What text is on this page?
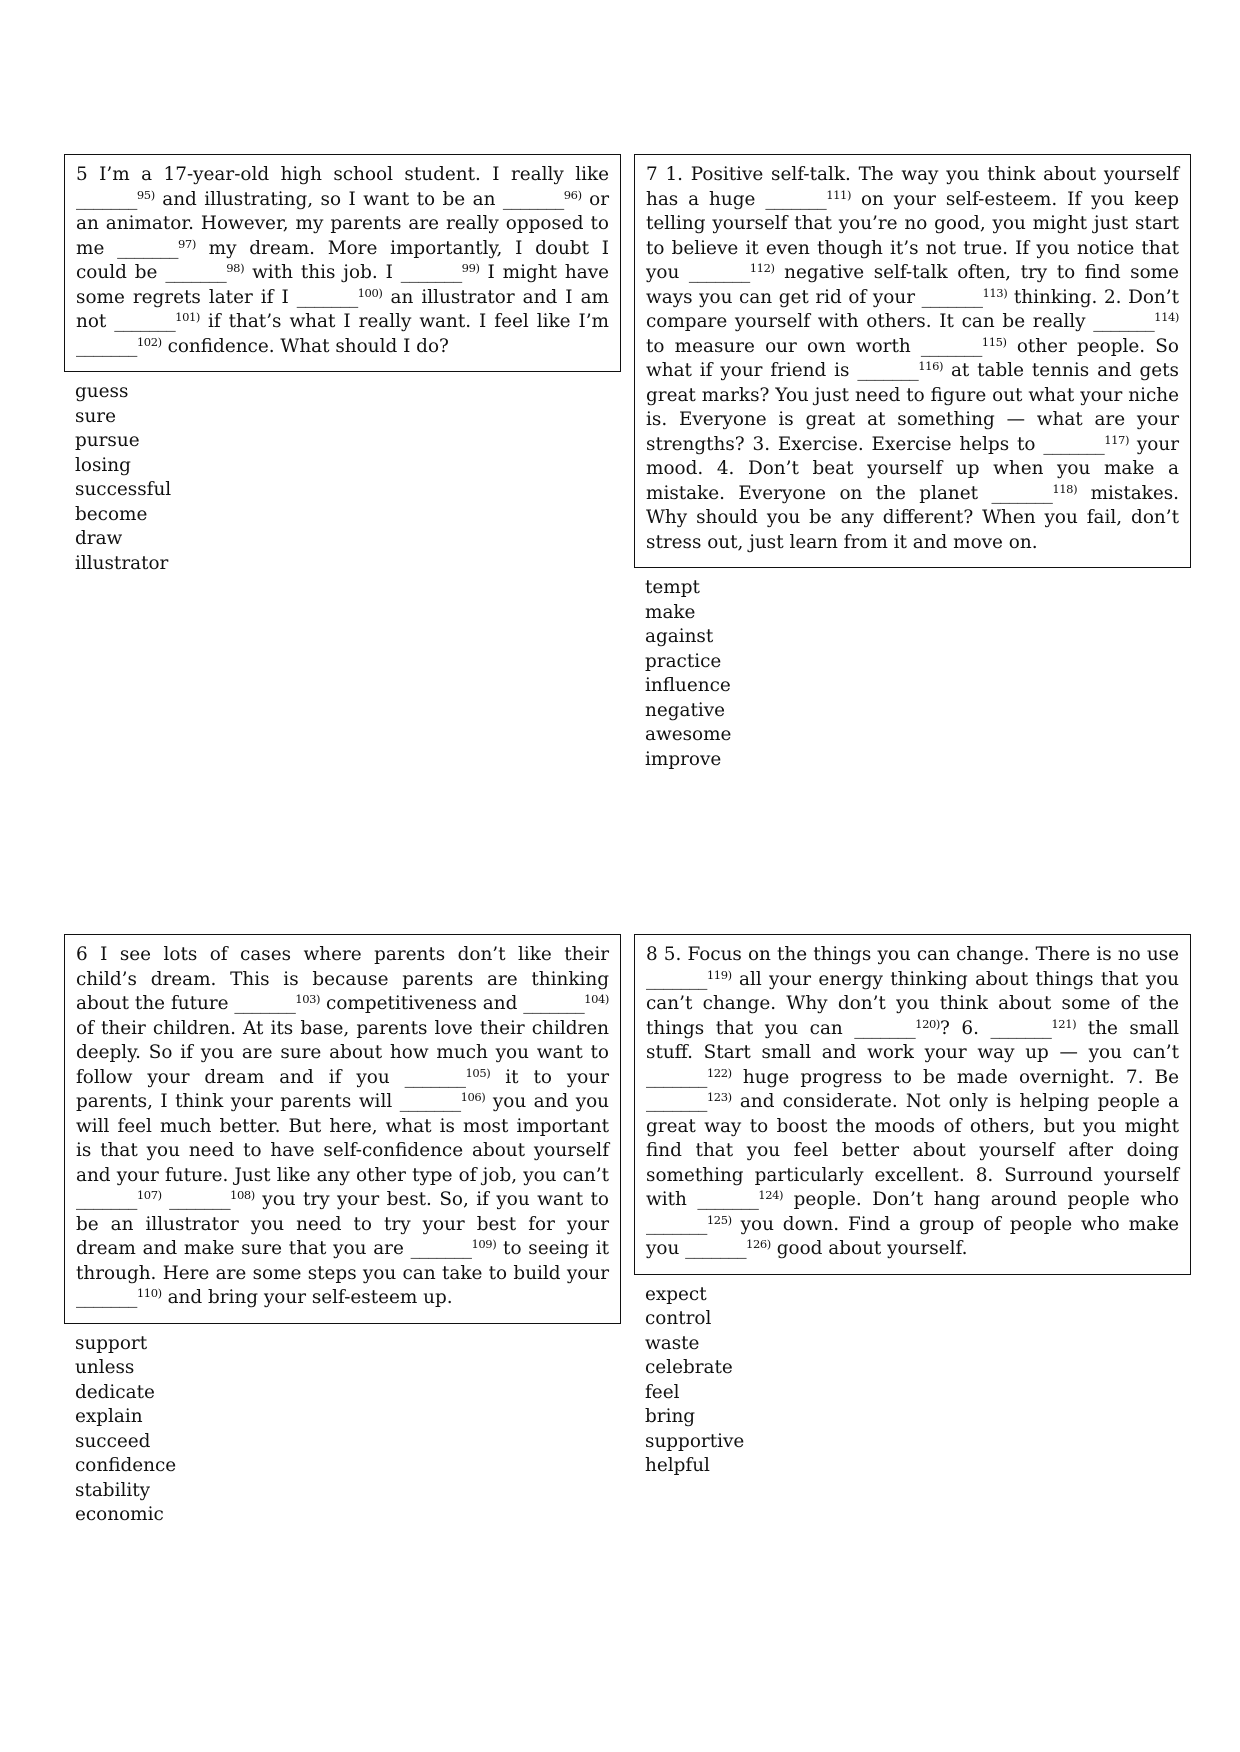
5 I’m a 17-year-old high school student. I really like _______$^{95)}$ and illustrating, so I want to be an _______$^{96)}$ or an animator. However, my parents are really opposed to me _______$^{97)}$ my dream. More importantly, I doubt I could be _______$^{98)}$ with this job. I _______$^{99)}$ I might have some regrets later if I _______$^{100)}$ an illustrator and I am not _______$^{101)}$ if that’s what I really want. I feel like I’m _______$^{102)}$ confidence. What should I do?
guess
sure
pursue
losing
successful
become
draw
illustrator
7 1. Positive self-talk. The way you think about yourself has a huge _______$^{111)}$ on your self-esteem. If you keep telling yourself that you’re no good, you might just start to believe it even though it’s not true. If you notice that you _______$^{112)}$ negative self-talk often, try to find some ways you can get rid of your _______$^{113)}$ thinking. 2. Don’t compare yourself with others. It can be really _______$^{114)}$ to measure our own worth _______$^{115)}$ other people. So what if your friend is _______$^{116)}$ at table tennis and gets great marks? You just need to figure out what your niche is. Everyone is great at something — what are your strengths? 3. Exercise. Exercise helps to _______$^{117)}$ your mood. 4. Don’t beat yourself up when you make a mistake. Everyone on the planet _______$^{118)}$ mistakes. Why should you be any different? When you fail, don’t stress out, just learn from it and move on.
tempt
make
against
practice
influence
negative
awesome
improve
6 I see lots of cases where parents don’t like their child’s dream. This is because parents are thinking about the future _______$^{103)}$ competitiveness and _______$^{104)}$ of their children. At its base, parents love their children deeply. So if you are sure about how much you want to follow your dream and if you _______$^{105)}$ it to your parents, I think your parents will _______$^{106)}$ you and you will feel much better. But here, what is most important is that you need to have self-confidence about yourself and your future. Just like any other type of job, you can’t _______$^{107)}$ _______$^{108)}$ you try your best. So, if you want to be an illustrator you need to try your best for your dream and make sure that you are _______$^{109)}$ to seeing it through. Here are some steps you can take to build your _______$^{110)}$ and bring your self-esteem up.
support
unless
dedicate
explain
succeed
confidence
stability
economic
8 5. Focus on the things you can change. There is no use _______$^{119)}$ all your energy thinking about things that you can’t change. Why don’t you think about some of the things that you can _______$^{120)}$? 6. _______$^{121)}$ the small stuff. Start small and work your way up — you can’t _______$^{122)}$ huge progress to be made overnight. 7. Be _______$^{123)}$ and considerate. Not only is helping people a great way to boost the moods of others, but you might find that you feel better about yourself after doing something particularly excellent. 8. Surround yourself with _______$^{124)}$ people. Don’t hang around people who _______$^{125)}$ you down. Find a group of people who make you _______$^{126)}$ good about yourself.
expect
control
waste
celebrate
feel
bring
supportive
helpful
